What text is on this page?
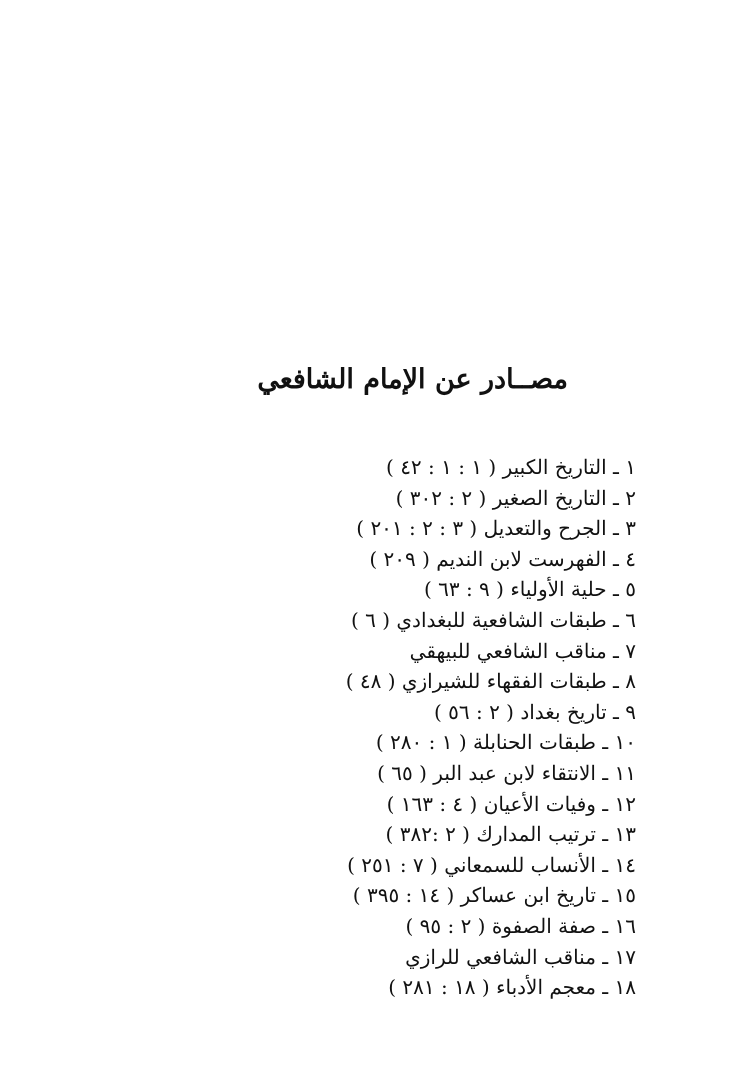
مصــادر عن الإمام الشافعي
١ ـ التاريخ الكبير ( ١ : ١ : ٤٢ )
٢ ـ التاريخ الصغير ( ٢ : ٣٠٢ )
٣ ـ الجرح والتعديل ( ٣ : ٢ : ٢٠١ )
٤ ـ الفهرست لابن النديم ( ٢٠٩ )
٥ ـ حلية الأولياء ( ٩ : ٦٣ )
٦ ـ طبقات الشافعية للبغدادي ( ٦ )
٧ ـ مناقب الشافعي للبيهقي
٨ ـ طبقات الفقهاء للشيرازي ( ٤٨ )
٩ ـ تاريخ بغداد ( ٢ : ٥٦ )
١٠ ـ طبقات الحنابلة ( ١ : ٢٨٠ )
١١ ـ الانتقاء لابن عبد البر ( ٦٥ )
١٢ ـ وفيات الأعيان ( ٤ : ١٦٣ )
١٣ ـ ترتيب المدارك ( ٢ :٣٨٢ )
١٤ ـ الأنساب للسمعاني ( ٧ : ٢٥١ )
١٥ ـ تاريخ ابن عساكر ( ١٤ : ٣٩٥ )
١٦ ـ صفة الصفوة ( ٢ : ٩٥ )
١٧ ـ مناقب الشافعي للرازي
١٨ ـ معجم الأدباء ( ١٨ : ٢٨١ )
